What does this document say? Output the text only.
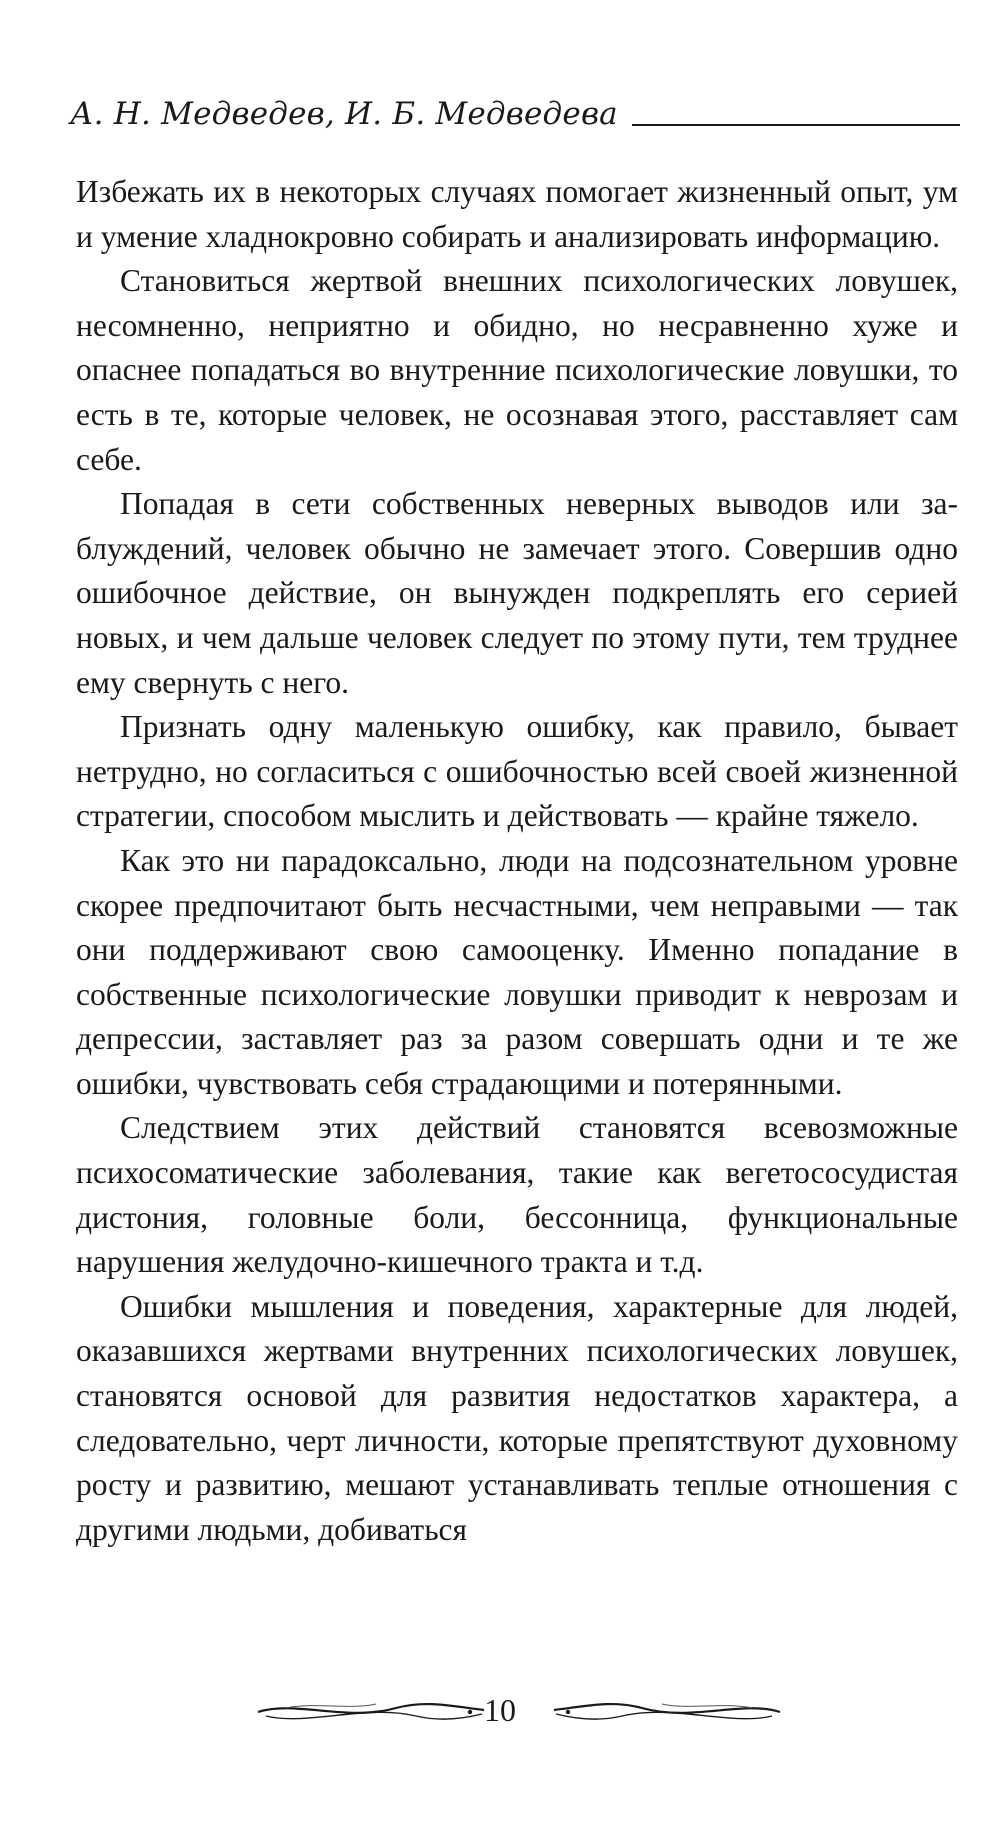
А. Н. Медведев, И. Б. Медведева

Избежать их в некоторых случаях помогает жизненный опыт, ум и умение хладнокровно собирать и анализировать информацию.

Становиться жертвой внешних психологических ловушек, несомненно, неприятно и обидно, но несравненно хуже и опаснее попадаться во внутренние психологические ловушки, то есть в те, которые человек, не осознавая этого, расставляет сам себе.

Попадая в сети собственных неверных выводов или заблуждений, человек обычно не замечает этого. Совершив одно ошибочное действие, он вынужден подкреплять его серией новых, и чем дальше человек следует по этому пути, тем труднее ему свернуть с него.

Признать одну маленькую ошибку, как правило, бывает нетрудно, но согласиться с ошибочностью всей своей жизненной стратегии, способом мыслить и действовать — крайне тяжело.

Как это ни парадоксально, люди на подсознательном уровне скорее предпочитают быть несчастными, чем неправыми — так они поддерживают свою самооценку. Именно попадание в собственные психологические ловушки приводит к неврозам и депрессии, заставляет раз за разом совершать одни и те же ошибки, чувствовать себя страдающими и потерянными.

Следствием этих действий становятся всевозможные психосоматические заболевания, такие как вегетососудистая дистония, головные боли, бессонница, функциональные нарушения желудочно-кишечного тракта и т.д.

Ошибки мышления и поведения, характерные для людей, оказавшихся жертвами внутренних психологических ловушек, становятся основой для развития недостатков характера, а следовательно, черт личности, которые препятствуют духовному росту и развитию, мешают устанавливать теплые отношения с другими людьми, добиваться

10
